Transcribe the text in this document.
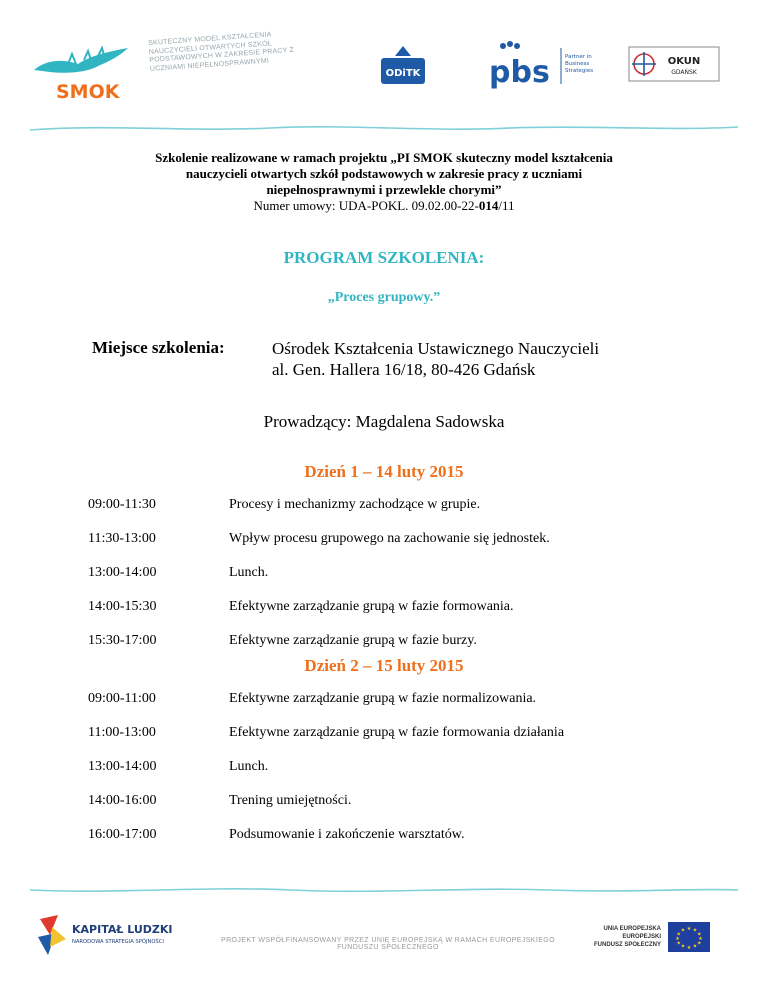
SMOK
SKUTECZNY MODEL KSZTAŁCENIA NAUCZYCIELI OTWARTYCH SZKÓŁ PODSTAWOWYCH W ZAKRESIE PRACY Z UCZNIAMI NIEPEŁNOSPRAWNYMI
ODiTK pbs	Partner in
Business
Strategies
OKUN
GDAŃSK
Szkolenie realizowane w ramach projektu „PI SMOK skuteczny model kształcenia
nauczycieli otwartych szkół podstawowych w zakresie pracy z uczniami
niepełnosprawnymi i przewlekle chorymi”
Numer umowy: UDA-POKL. 09.02.00-22-014/11
PROGRAM SZKOLENIA:
„Proces grupowy.”
Miejsce szkolenia:	Ośrodek Kształcenia Ustawicznego Nauczycieli
al. Gen. Hallera 16/18, 80-426 Gdańsk
Prowadzący: Magdalena Sadowska
Dzień 1 – 14 luty 2015
09:00-11:30	Procesy i mechanizmy zachodzące w grupie.
11:30-13:00	Wpływ procesu grupowego na zachowanie się jednostek.
13:00-14:00	Lunch.
14:00-15:30	Efektywne zarządzanie grupą w fazie formowania.
15:30-17:00	Efektywne zarządzanie grupą w fazie burzy.
Dzień 2 – 15 luty 2015
09:00-11:00	Efektywne zarządzanie grupą w fazie normalizowania.
11:00-13:00	Efektywne zarządzanie grupą w fazie formowania działania
13:00-14:00	Lunch.
14:00-16:00	Trening umiejętności.
16:00-17:00	Podsumowanie i zakończenie warsztatów.
KAPITAŁ LUDZKI
NARODOWA STRATEGIA SPÓJNOŚCI	PROJEKT WSPÓŁFINANSOWANY PRZEZ UNIĘ EUROPEJSKĄ W RAMACH EUROPEJSKIEGO FUNDUSZU SPOŁECZNEGO
UNIA EUROPEJSKA
EUROPEJSKI
FUNDUSZ SPOŁECZNY
★ ★
★
★
★
★
★
★
★
★
★
★
